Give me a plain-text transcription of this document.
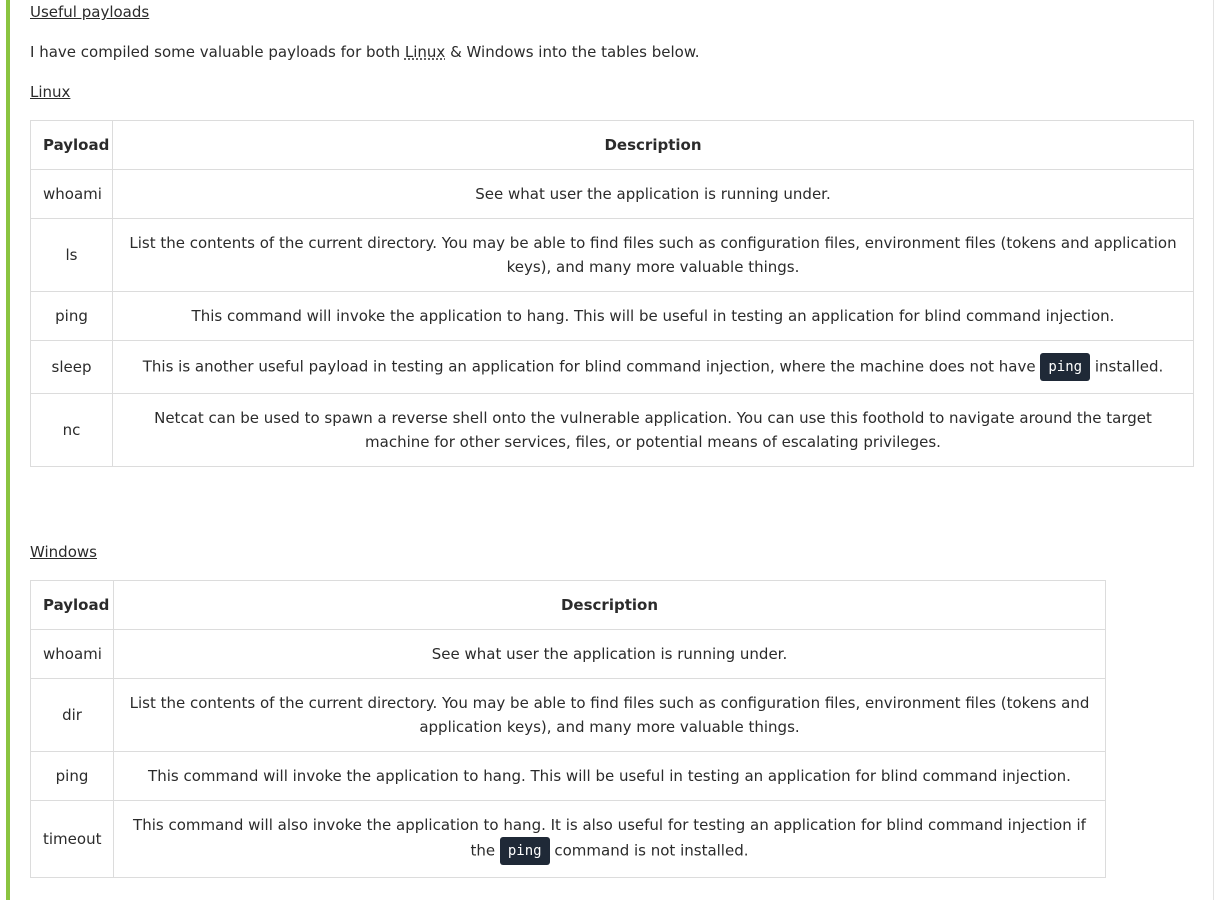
Useful payloads

I have compiled some valuable payloads for both Linux & Windows into the tables below.

Linux

Payload	Description
whoami	See what user the application is running under.
ls	List the contents of the current directory. You may be able to find files such as configuration files, environment files (tokens and application keys), and many more valuable things.
ping	This command will invoke the application to hang. This will be useful in testing an application for blind command injection.
sleep	This is another useful payload in testing an application for blind command injection, where the machine does not have ping installed.
nc	Netcat can be used to spawn a reverse shell onto the vulnerable application. You can use this foothold to navigate around the target machine for other services, files, or potential means of escalating privileges.

Windows

Payload	Description
whoami	See what user the application is running under.
dir	List the contents of the current directory. You may be able to find files such as configuration files, environment files (tokens and application keys), and many more valuable things.
ping	This command will invoke the application to hang. This will be useful in testing an application for blind command injection.
timeout	This command will also invoke the application to hang. It is also useful for testing an application for blind command injection if the ping command is not installed.
